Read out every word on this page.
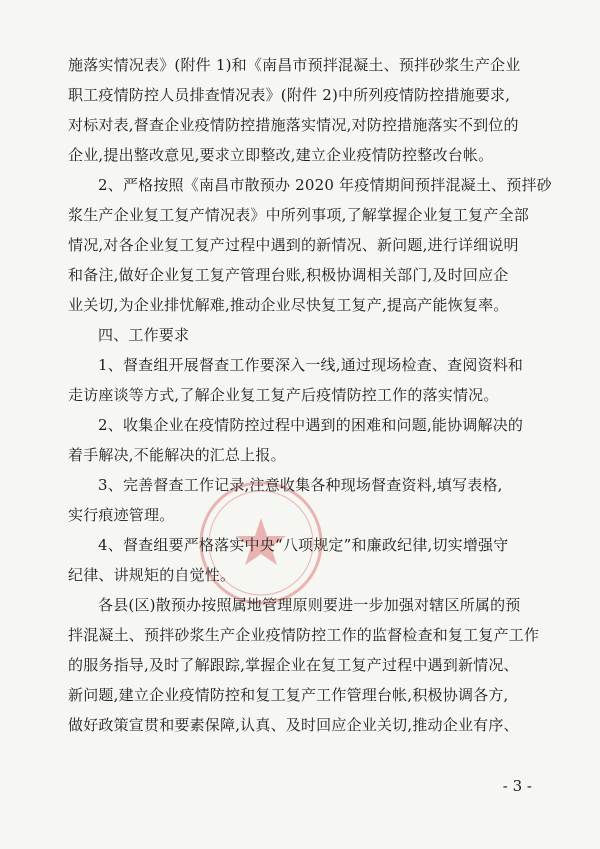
施落实情况表》(附件 1)和《南昌市预拌混凝土、预拌砂浆生产企业
职工疫情防控人员排查情况表》(附件 2)中所列疫情防控措施要求,
对标对表,督查企业疫情防控措施落实情况,对防控措施落实不到位的
企业,提出整改意见,要求立即整改,建立企业疫情防控整改台帐。
2、严格按照《南昌市散预办 2020 年疫情期间预拌混凝土、预拌砂
浆生产企业复工复产情况表》中所列事项,了解掌握企业复工复产全部
情况,对各企业复工复产过程中遇到的新情况、新问题,进行详细说明
和备注,做好企业复工复产管理台账,积极协调相关部门,及时回应企
业关切,为企业排忧解难,推动企业尽快复工复产,提高产能恢复率。
四、工作要求
1、督查组开展督查工作要深入一线,通过现场检查、查阅资料和
走访座谈等方式,了解企业复工复产后疫情防控工作的落实情况。
2、收集企业在疫情防控过程中遇到的困难和问题,能协调解决的
着手解决,不能解决的汇总上报。
3、完善督查工作记录,注意收集各种现场督查资料,填写表格,
实行痕迹管理。
4、督查组要严格落实中央“八项规定”和廉政纪律,切实增强守
纪律、讲规矩的自觉性。
各县(区)散预办按照属地管理原则要进一步加强对辖区所属的预
拌混凝土、预拌砂浆生产企业疫情防控工作的监督检查和复工复产工作
的服务指导,及时了解跟踪,掌握企业在复工复产过程中遇到新情况、
新问题,建立企业疫情防控和复工复产工作管理台帐,积极协调各方,
做好政策宣贯和要素保障,认真、及时回应企业关切,推动企业有序、
- 3 -
